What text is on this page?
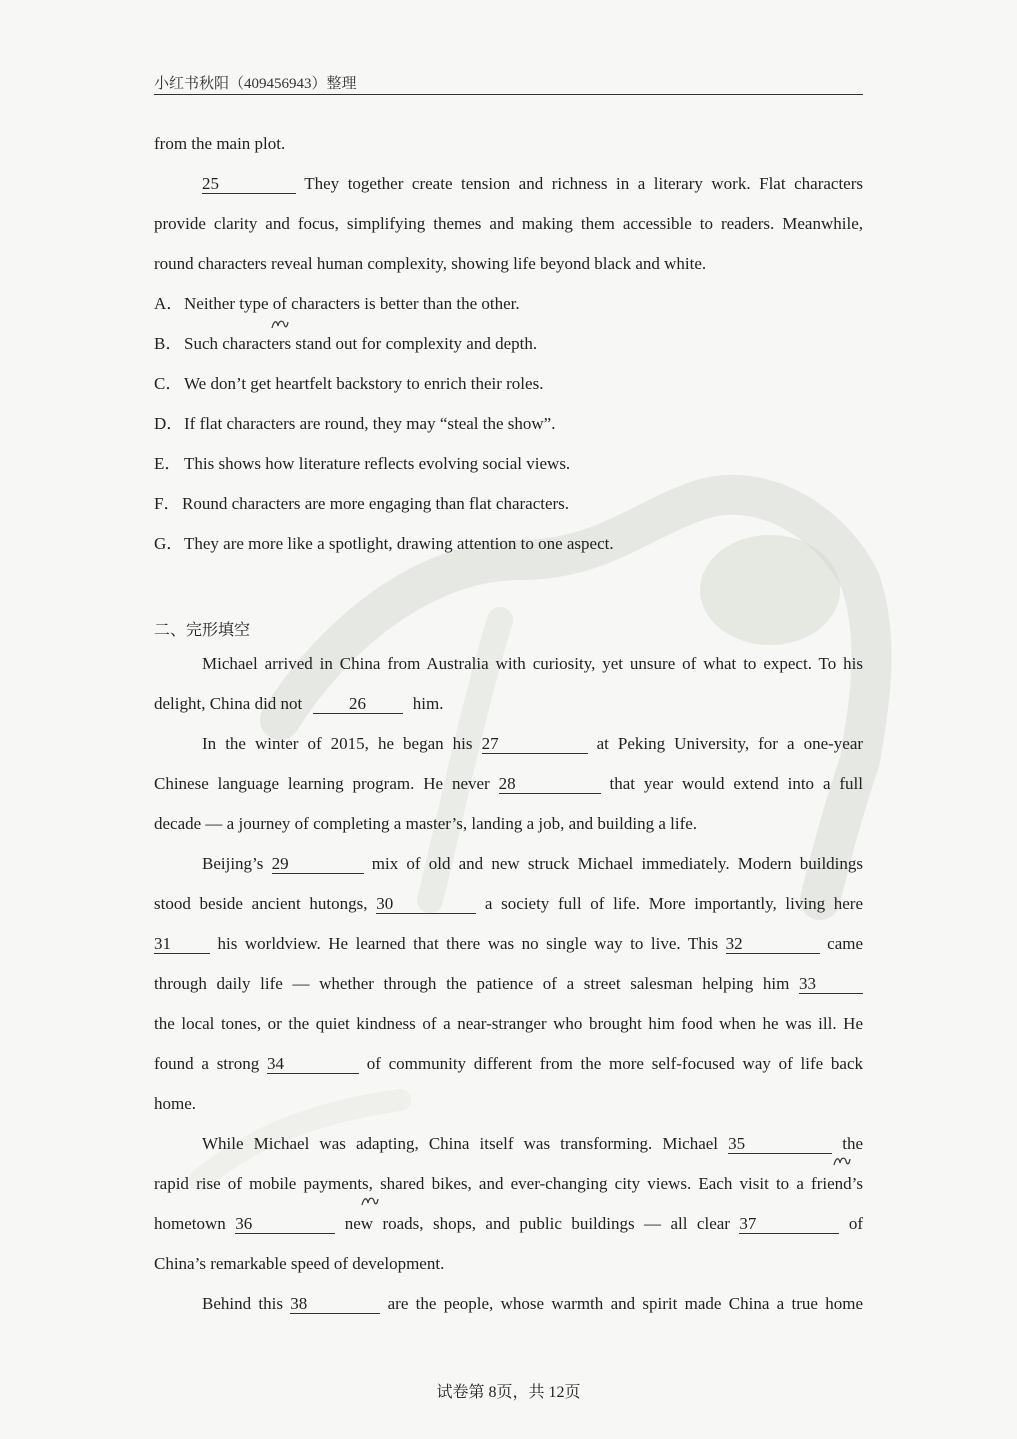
小红书秋阳（409456943）整理
from the main plot.
25	They together create tension and richness in a literary work. Flat characters
provide clarity and focus, simplifying themes and making them accessible to readers. Meanwhile,
round characters reveal human complexity, showing life beyond black and white.
A．Neither type of characters is better than the other.
B．Such characters stand out for complexity and depth.
C．We don’t get heartfelt backstory to enrich their roles.
D．If flat characters are round, they may “steal the show”.
E． This shows how literature reflects evolving social views.
F．Round characters are more engaging than flat characters.
G．They are more like a spotlight, drawing attention to one aspect.
二、完形填空
Michael arrived in China from Australia with curiosity, yet unsure of what to expect. To his
delight, China did not	26	him.
In the winter of 2015, he began his 27	at Peking University, for a one-year
Chinese language learning program. He never 28	that year would extend into a full
decade — a journey of completing a master’s, landing a job, and building a life.
Beijing’s 29	mix of old and new struck Michael immediately. Modern buildings
stood beside ancient hutongs, 30	a society full of life. More importantly, living here
31	his worldview. He learned that there was no single way to live. This 32	came
through daily life — whether through the patience of a street salesman helping him 33
the local tones, or the quiet kindness of a near-stranger who brought him food when he was ill. He
found a strong 34	of community different from the more self-focused way of life back
home.
While Michael was adapting, China itself was transforming. Michael 35	the
rapid rise of mobile payments, shared bikes, and ever-changing city views. Each visit to a friend’s
hometown 36	new roads, shops, and public buildings — all clear 37	of
China’s remarkable speed of development.
Behind this 38	are the people, whose warmth and spirit made China a true home
试卷第 8页，共 12页
